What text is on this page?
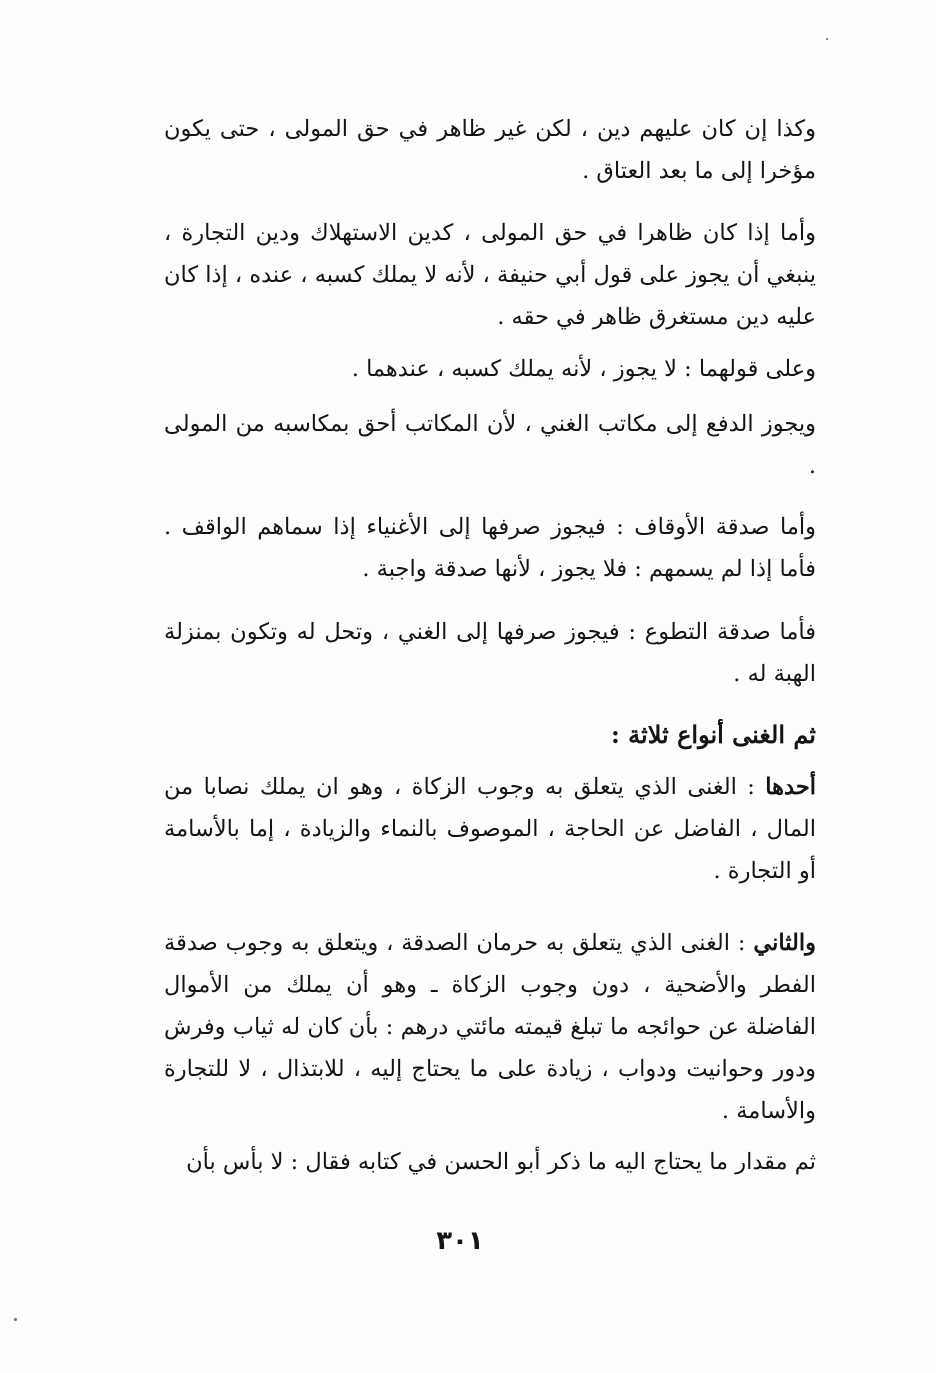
وكذا إن كان عليهم دين ، لكن غير ظاهر في حق المولى ، حتى يكون مؤخرا إلى ما بعد العتاق .

وأما إذا كان ظاهرا في حق المولى ، كدين الاستهلاك ودين التجارة ، ينبغي أن يجوز على قول أبي حنيفة ، لأنه لا يملك كسبه ، عنده ، إذا كان عليه دين مستغرق ظاهر في حقه .

وعلى قولهما : لا يجوز ، لأنه يملك كسبه ، عندهما .

ويجوز الدفع إلى مكاتب الغني ، لأن المكاتب أحق بمكاسبه من المولى .

وأما صدقة الأوقاف : فيجوز صرفها إلى الأغنياء إذا سماهم الواقف . فأما إذا لم يسمهم : فلا يجوز ، لأنها صدقة واجبة .

فأما صدقة التطوع : فيجوز صرفها إلى الغني ، وتحل له وتكون بمنزلة الهبة له .

ثم الغنى أنواع ثلاثة :

أحدها : الغنى الذي يتعلق به وجوب الزكاة ، وهو ان يملك نصابا من المال ، الفاضل عن الحاجة ، الموصوف بالنماء والزيادة ، إما بالأسامة أو التجارة .

والثاني : الغنى الذي يتعلق به حرمان الصدقة ، ويتعلق به وجوب صدقة الفطر والأضحية ، دون وجوب الزكاة ـ وهو أن يملك من الأموال الفاضلة عن حوائجه ما تبلغ قيمته مائتي درهم : بأن كان له ثياب وفرش ودور وحوانيت ودواب ، زيادة على ما يحتاج إليه ، للابتذال ، لا للتجارة والأسامة .

ثم مقدار ما يحتاج اليه ما ذكر أبو الحسن في كتابه فقال : لا بأس بأن

٣٠١
